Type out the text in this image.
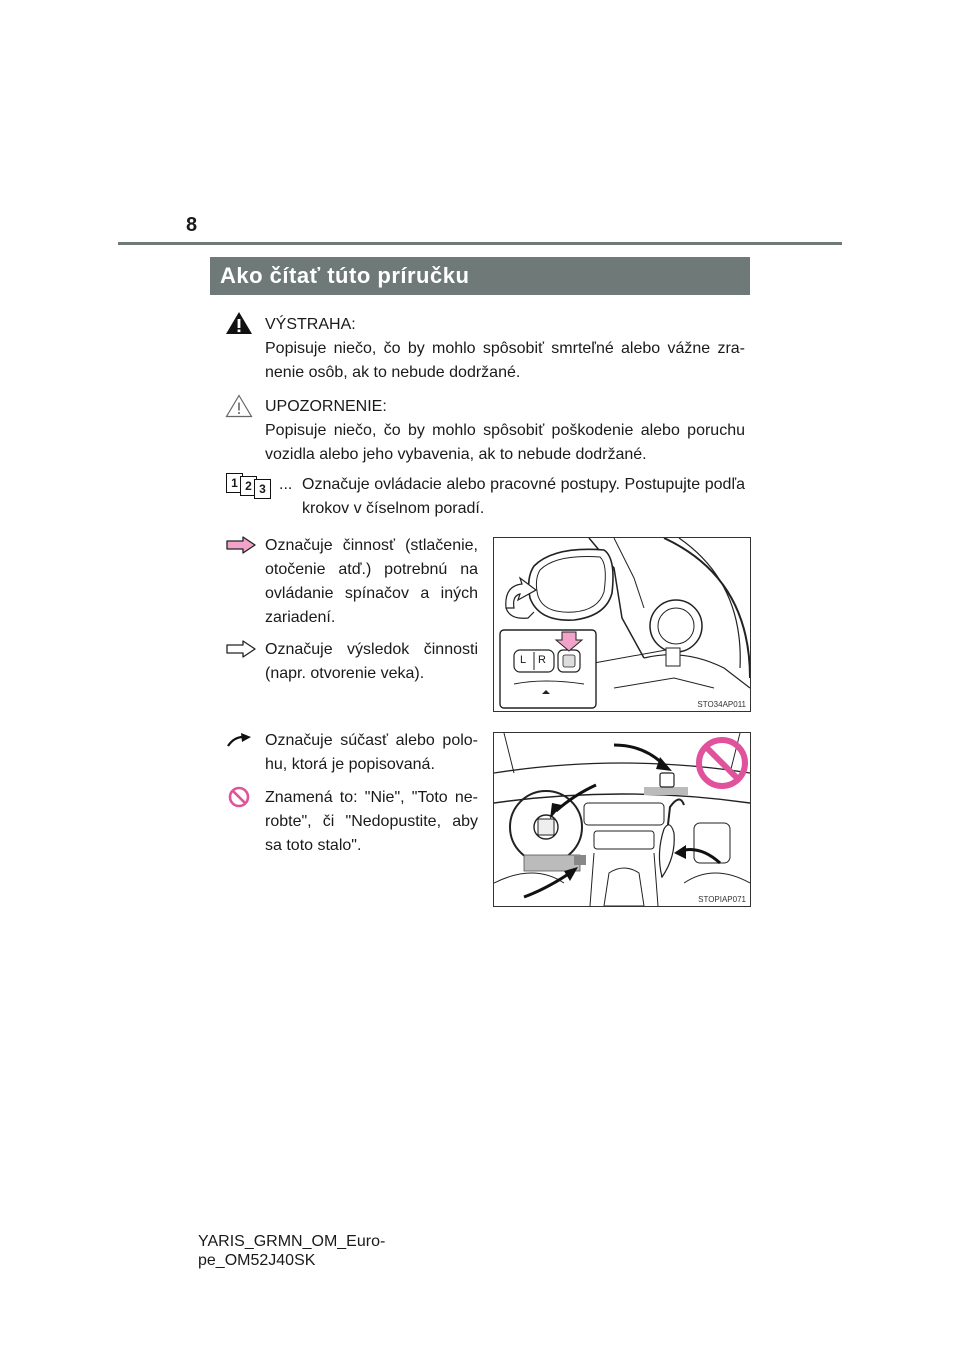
8
Ako čítať túto príručku
VÝSTRAHA:
Popisuje niečo, čo by mohlo spôsobiť smrteľné alebo vážne zra-nenie osôb, ak to nebude dodržané.
UPOZORNENIE:
Popisuje niečo, čo by mohlo spôsobiť poškodenie alebo poruchu vozidla alebo jeho vybavenia, ak to nebude dodržané.
1 2 3 ... Označuje ovládacie alebo pracovné postupy. Postupujte podľa krokov v číselnom poradí.
Označuje činnosť (stlačenie, otočenie atď.) potrebnú na ovládanie spínačov a iných zariadení.
Označuje výsledok činnosti (napr. otvorenie veka).
L R
STO34AP011
Označuje súčasť alebo polo-hu, ktorá je popisovaná.
Znamená to: "Nie", "Toto ne-robte", či "Nedopustite, aby sa toto stalo".
STOPIAP071
YARIS_GRMN_OM_Euro-
pe_OM52J40SK
